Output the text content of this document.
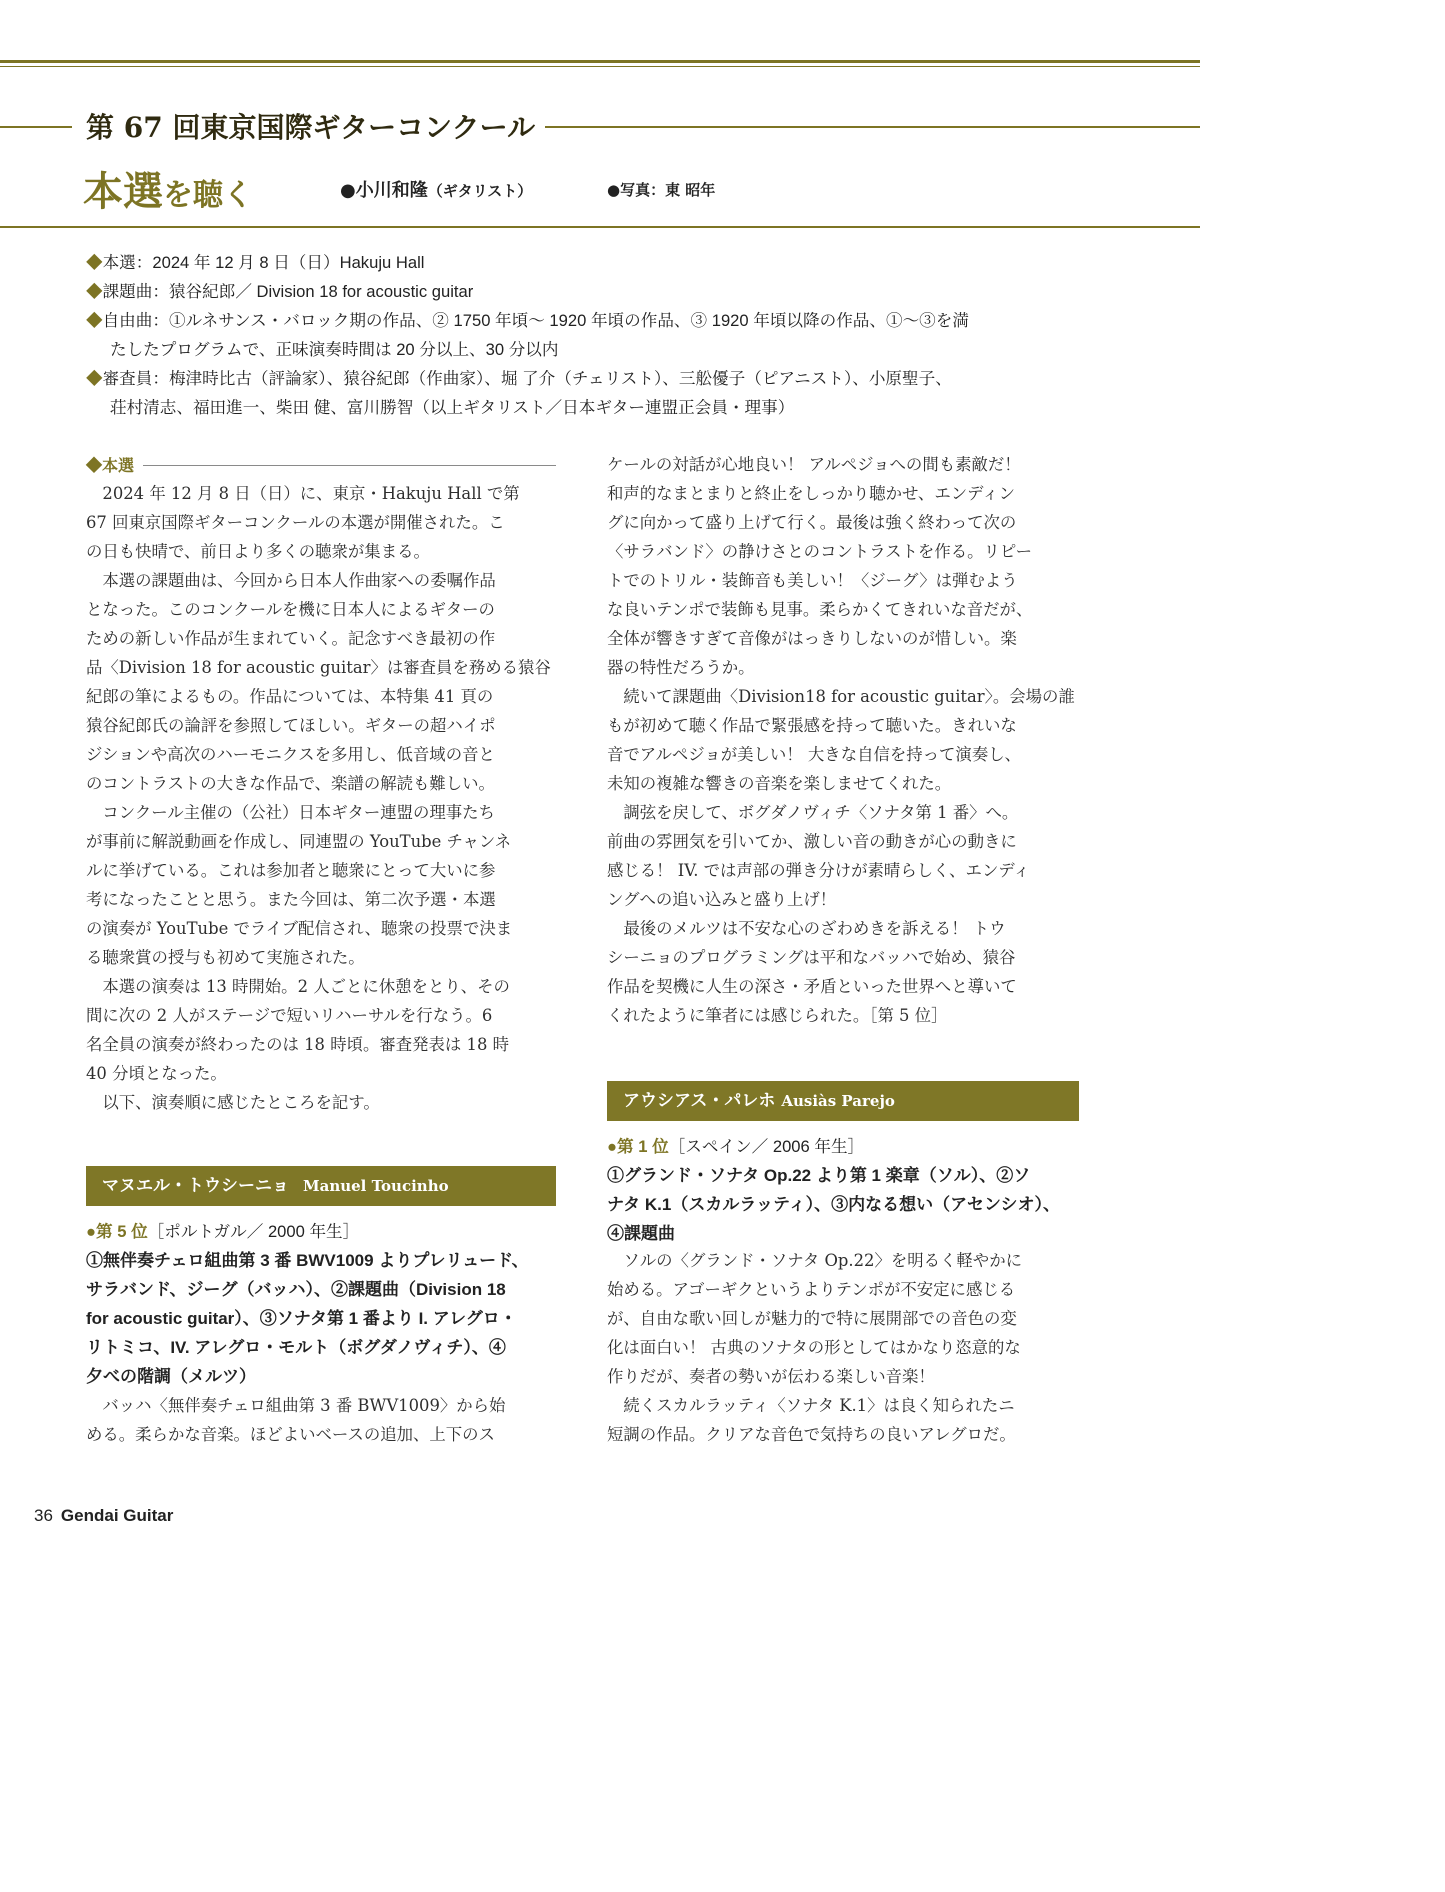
第 67 回東京国際ギターコンクール
本選を聴く	●小川和隆（ギタリスト）	●写真：東 昭年
◆本選：2024 年 12 月 8 日（日）Hakuju Hall
◆課題曲：猿谷紀郎／ Division 18 for acoustic guitar
◆自由曲：①ルネサンス・バロック期の作品、② 1750 年頃〜 1920 年頃の作品、③ 1920 年頃以降の作品、①〜③を満
たしたプログラムで、正味演奏時間は 20 分以上、30 分以内
◆審査員：梅津時比古（評論家）、猿谷紀郎（作曲家）、堀 了介（チェリスト）、三舩優子（ピアニスト）、小原聖子、
荘村清志、福田進一、柴田 健、富川勝智（以上ギタリスト／日本ギター連盟正会員・理事）
◆本選
　2024 年 12 月 8 日（日）に、東京・Hakuju Hall で第
67 回東京国際ギターコンクールの本選が開催された。こ
の日も快晴で、前日より多くの聴衆が集まる。
　本選の課題曲は、今回から日本人作曲家への委嘱作品
となった。このコンクールを機に日本人によるギターの
ための新しい作品が生まれていく。記念すべき最初の作
品〈Division 18 for acoustic guitar〉は審査員を務める猿谷
紀郎の筆によるもの。作品については、本特集 41 頁の
猿谷紀郎氏の論評を参照してほしい。ギターの超ハイポ
ジションや高次のハーモニクスを多用し、低音域の音と
のコントラストの大きな作品で、楽譜の解読も難しい。
　コンクール主催の（公社）日本ギター連盟の理事たち
が事前に解説動画を作成し、同連盟の YouTube チャンネ
ルに挙げている。これは参加者と聴衆にとって大いに参
考になったことと思う。また今回は、第二次予選・本選
の演奏が YouTube でライブ配信され、聴衆の投票で決ま
る聴衆賞の授与も初めて実施された。
　本選の演奏は 13 時開始。2 人ごとに休憩をとり、その
間に次の 2 人がステージで短いリハーサルを行なう。6
名全員の演奏が終わったのは 18 時頃。審査発表は 18 時
40 分頃となった。
　以下、演奏順に感じたところを記す。
マヌエル・トウシーニョ Manuel Toucinho
●第 5 位［ポルトガル／ 2000 年生］
①無伴奏チェロ組曲第 3 番 BWV1009 よりプレリュード、
サラバンド、ジーグ（バッハ）、②課題曲（Division 18
for acoustic guitar）、③ソナタ第 1 番より I. アレグロ・
リトミコ、IV. アレグロ・モルト（ボグダノヴィチ）、④
夕べの階調（メルツ）
　バッハ〈無伴奏チェロ組曲第 3 番 BWV1009〉から始
める。柔らかな音楽。ほどよいベースの追加、上下のス
ケールの対話が心地良い！ アルペジョへの間も素敵だ！
和声的なまとまりと終止をしっかり聴かせ、エンディン
グに向かって盛り上げて行く。最後は強く終わって次の
〈サラバンド〉の静けさとのコントラストを作る。リピー
トでのトリル・装飾音も美しい！〈ジーグ〉は弾むよう
な良いテンポで装飾も見事。柔らかくてきれいな音だが、
全体が響きすぎて音像がはっきりしないのが惜しい。楽
器の特性だろうか。
　続いて課題曲〈Division18 for acoustic guitar〉。会場の誰
もが初めて聴く作品で緊張感を持って聴いた。きれいな
音でアルペジョが美しい！ 大きな自信を持って演奏し、
未知の複雑な響きの音楽を楽しませてくれた。
　調弦を戻して、ボグダノヴィチ〈ソナタ第 1 番〉へ。
前曲の雰囲気を引いてか、激しい音の動きが心の動きに
感じる！ IV. では声部の弾き分けが素晴らしく、エンディ
ングへの追い込みと盛り上げ！
　最後のメルツは不安な心のざわめきを訴える！ トウ
シーニョのプログラミングは平和なバッハで始め、猿谷
作品を契機に人生の深さ・矛盾といった世界へと導いて
くれたように筆者には感じられた。［第 5 位］
アウシアス・パレホ Ausiàs Parejo
●第 1 位［スペイン／ 2006 年生］
①グランド・ソナタ Op.22 より第 1 楽章（ソル）、②ソ
ナタ K.1（スカルラッティ）、③内なる想い（アセンシオ）、
④課題曲
　ソルの〈グランド・ソナタ Op.22〉を明るく軽やかに
始める。アゴーギクというよりテンポが不安定に感じる
が、自由な歌い回しが魅力的で特に展開部での音色の変
化は面白い！ 古典のソナタの形としてはかなり恣意的な
作りだが、奏者の勢いが伝わる楽しい音楽！
　続くスカルラッティ〈ソナタ K.1〉は良く知られたニ
短調の作品。クリアな音色で気持ちの良いアレグロだ。
36 Gendai Guitar
